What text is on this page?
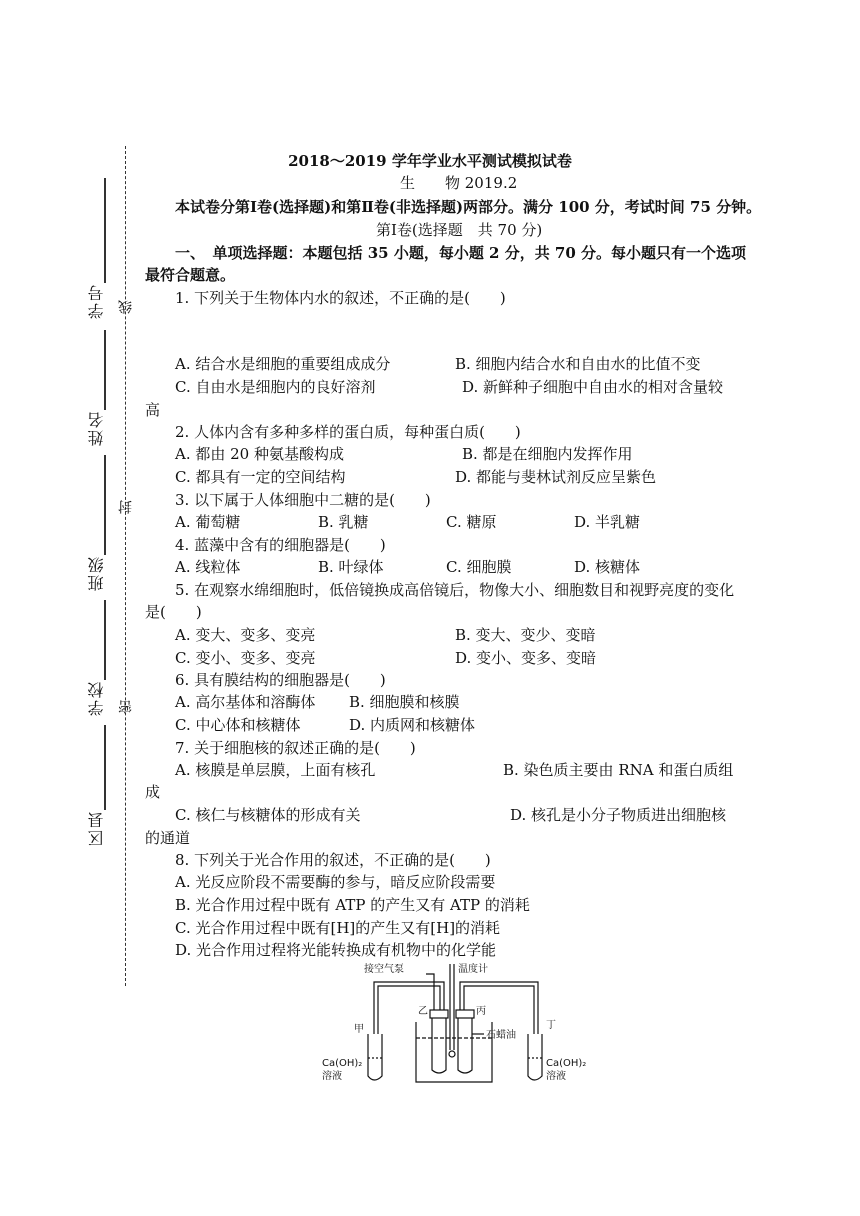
学号
姓名
班级
学校
区县
线
封
密
2018～2019 学年学业水平测试模拟试卷
生　　物 2019.2
本试卷分第Ⅰ卷(选择题)和第Ⅱ卷(非选择题)两部分。满分 100 分，考试时间 75 分钟。
第Ⅰ卷(选择题　共 70 分)
一、　单项选择题：本题包括 35 小题，每小题 2 分，共 70 分。每小题只有一个选项
最符合题意。
1. 下列关于生物体内水的叙述，不正确的是(　　)
A. 结合水是细胞的重要组成成分	B. 细胞内结合水和自由水的比值不变
C. 自由水是细胞内的良好溶剂	D. 新鲜种子细胞中自由水的相对含量较
高
2. 人体内含有多种多样的蛋白质，每种蛋白质(　　)
A. 都由 20 种氨基酸构成	B. 都是在细胞内发挥作用
C. 都具有一定的空间结构	D. 都能与斐林试剂反应呈紫色
3. 以下属于人体细胞中二糖的是(　　)
A. 葡萄糖	B. 乳糖	C. 糖原	D. 半乳糖
4. 蓝藻中含有的细胞器是(　　)
A. 线粒体	B. 叶绿体	C. 细胞膜	D. 核糖体
5. 在观察水绵细胞时，低倍镜换成高倍镜后，物像大小、细胞数目和视野亮度的变化
是(　　)
A. 变大、变多、变亮	B. 变大、变少、变暗
C. 变小、变多、变亮	D. 变小、变多、变暗
6. 具有膜结构的细胞器是(　　)
A. 高尔基体和溶酶体 B. 细胞膜和核膜
C. 中心体和核糖体	D. 内质网和核糖体
7. 关于细胞核的叙述正确的是(　　)
A. 核膜是单层膜，上面有核孔	B. 染色质主要由 RNA 和蛋白质组
成
C. 核仁与核糖体的形成有关	D. 核孔是小分子物质进出细胞核
的通道
8. 下列关于光合作用的叙述，不正确的是(　　)
A. 光反应阶段不需要酶的参与，暗反应阶段需要
B. 光合作用过程中既有 ATP 的产生又有 ATP 的消耗
C. 光合作用过程中既有[H]的产生又有[H]的消耗
D. 光合作用过程将光能转换成有机物中的化学能
接空气泵	温度计
甲
乙	丙
丁
石蜡油
Ca(OH)₂
溶液
Ca(OH)₂
溶液
